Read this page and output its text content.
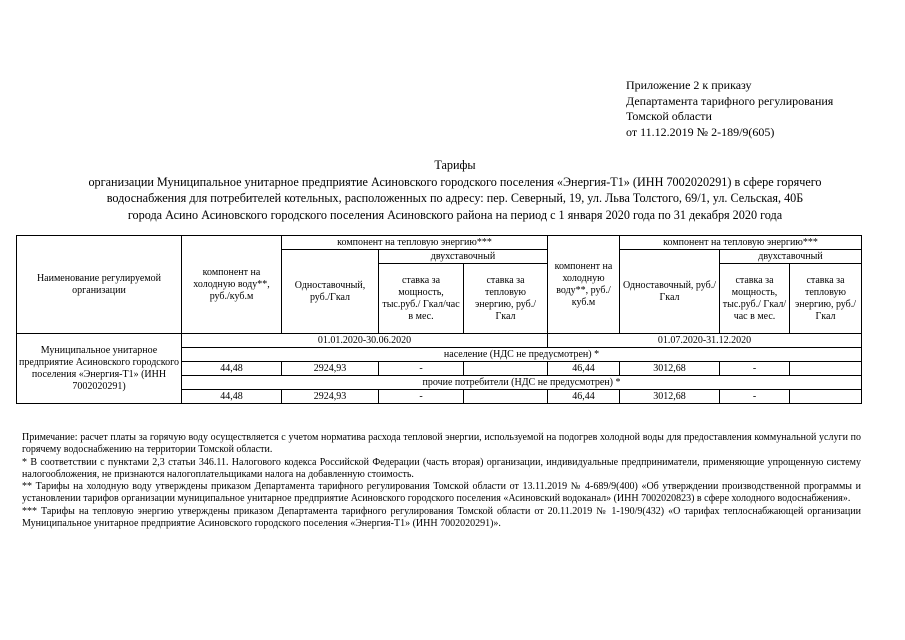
Приложение 2 к приказу
Департамента тарифного регулирования
Томской области
от 11.12.2019 № 2-189/9(605)
Тарифы
организации Муниципальное унитарное предприятие Асиновского городского поселения «Энергия-Т1» (ИНН 7002020291) в сфере горячего
водоснабжения для потребителей котельных, расположенных по адресу: пер. Северный, 19, ул. Льва Толстого, 69/1, ул. Сельская, 40Б
города Асино Асиновского городского поселения Асиновского района на период с 1 января 2020 года по 31 декабря 2020 года
Наименование регулируемой организации	компонент на холодную воду**, руб./куб.м	компонент на тепловую энергию***			компонент на холодную воду**, руб./куб.м	компонент на тепловую энергию***		
		Одноставочный, руб./Гкал	двухставочный			Одноставочный, руб./Гкал	двухставочный	
			ставка за мощность, тыс.руб./ Гкал/час в мес.	ставка за тепловую энергию, руб./Гкал			ставка за мощность, тыс.руб./ Гкал/час в мес.	ставка за тепловую энергию, руб./Гкал
Муниципальное унитарное предприятие Асиновского городского поселения «Энергия-Т1» (ИНН 7002020291)	01.01.2020-30.06.2020				01.07.2020-31.12.2020			
	население (НДС не предусмотрен) *							
	44,48	2924,93	-		46,44	3012,68	-	
	прочие потребители (НДС не предусмотрен) *							
	44,48	2924,93	-		46,44	3012,68	-	

Примечание: расчет платы за горячую воду осуществляется с учетом норматива расхода тепловой энергии, используемой на подогрев холодной воды для предоставления коммунальной услуги по горячему водоснабжению на территории Томской области.

* В соответствии с пунктами 2,3 статьи 346.11. Налогового кодекса Российской Федерации (часть вторая) организации, индивидуальные предприниматели, применяющие упрощенную систему налогообложения, не признаются налогоплательщиками налога на добавленную стоимость.

** Тарифы на холодную воду утверждены приказом Департамента тарифного регулирования Томской области от 13.11.2019 № 4-689/9(400) «Об утверждении производственной программы и установлении тарифов организации муниципальное унитарное предприятие Асиновского городского поселения «Асиновский водоканал» (ИНН 7002020823) в сфере холодного водоснабжения».

*** Тарифы на тепловую энергию утверждены приказом Департамента тарифного регулирования Томской области от 20.11.2019 № 1-190/9(432) «О тарифах теплоснабжающей организации Муниципальное унитарное предприятие Асиновского городского поселения «Энергия-Т1» (ИНН 7002020291)».
